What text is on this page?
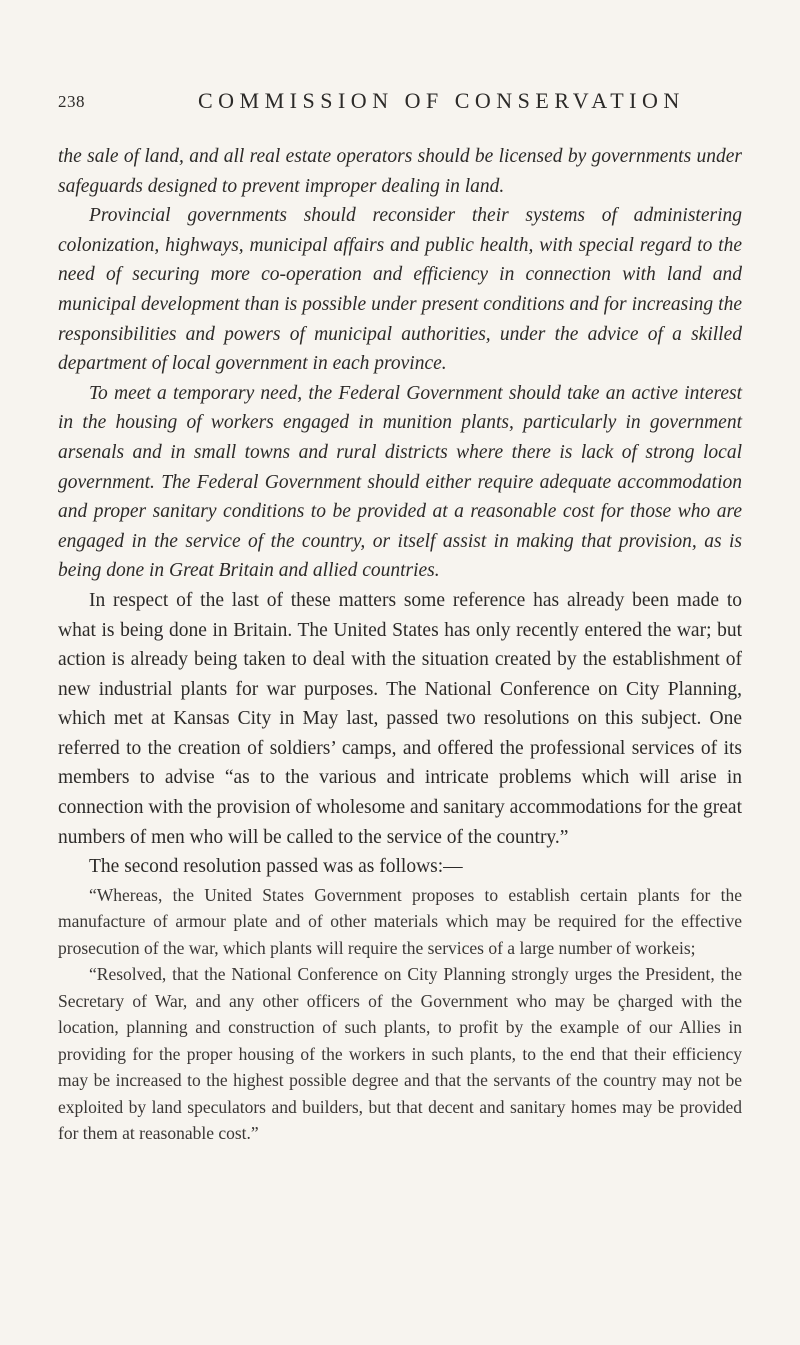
238	COMMISSION OF CONSERVATION

the sale of land, and all real estate operators should be licensed by governments under safeguards designed to prevent improper dealing in land.

Provincial governments should reconsider their systems of administering colonization, highways, municipal affairs and public health, with special regard to the need of securing more co-operation and efficiency in connection with land and municipal development than is possible under present conditions and for increasing the responsibilities and powers of municipal authorities, under the advice of a skilled department of local government in each province.

To meet a temporary need, the Federal Government should take an active interest in the housing of workers engaged in munition plants, particularly in government arsenals and in small towns and rural districts where there is lack of strong local government. The Federal Government should either require adequate accommodation and proper sanitary conditions to be provided at a reasonable cost for those who are engaged in the service of the country, or itself assist in making that provision, as is being done in Great Britain and allied countries.

In respect of the last of these matters some reference has already been made to what is being done in Britain. The United States has only recently entered the war; but action is already being taken to deal with the situation created by the establishment of new industrial plants for war purposes. The National Conference on City Planning, which met at Kansas City in May last, passed two resolutions on this subject. One referred to the creation of soldiers’ camps, and offered the professional services of its members to advise “as to the various and intricate problems which will arise in connection with the provision of wholesome and sanitary accommodations for the great numbers of men who will be called to the service of the country.”

The second resolution passed was as follows:—

“Whereas, the United States Government proposes to establish certain plants for the manufacture of armour plate and of other materials which may be required for the effective prosecution of the war, which plants will require the services of a large number of workeis;

“Resolved, that the National Conference on City Planning strongly urges the President, the Secretary of War, and any other officers of the Government who may be çharged with the location, planning and construction of such plants, to profit by the example of our Allies in providing for the proper housing of the workers in such plants, to the end that their efficiency may be increased to the highest possible degree and that the servants of the country may not be exploited by land speculators and builders, but that decent and sanitary homes may be provided for them at reasonable cost.”
